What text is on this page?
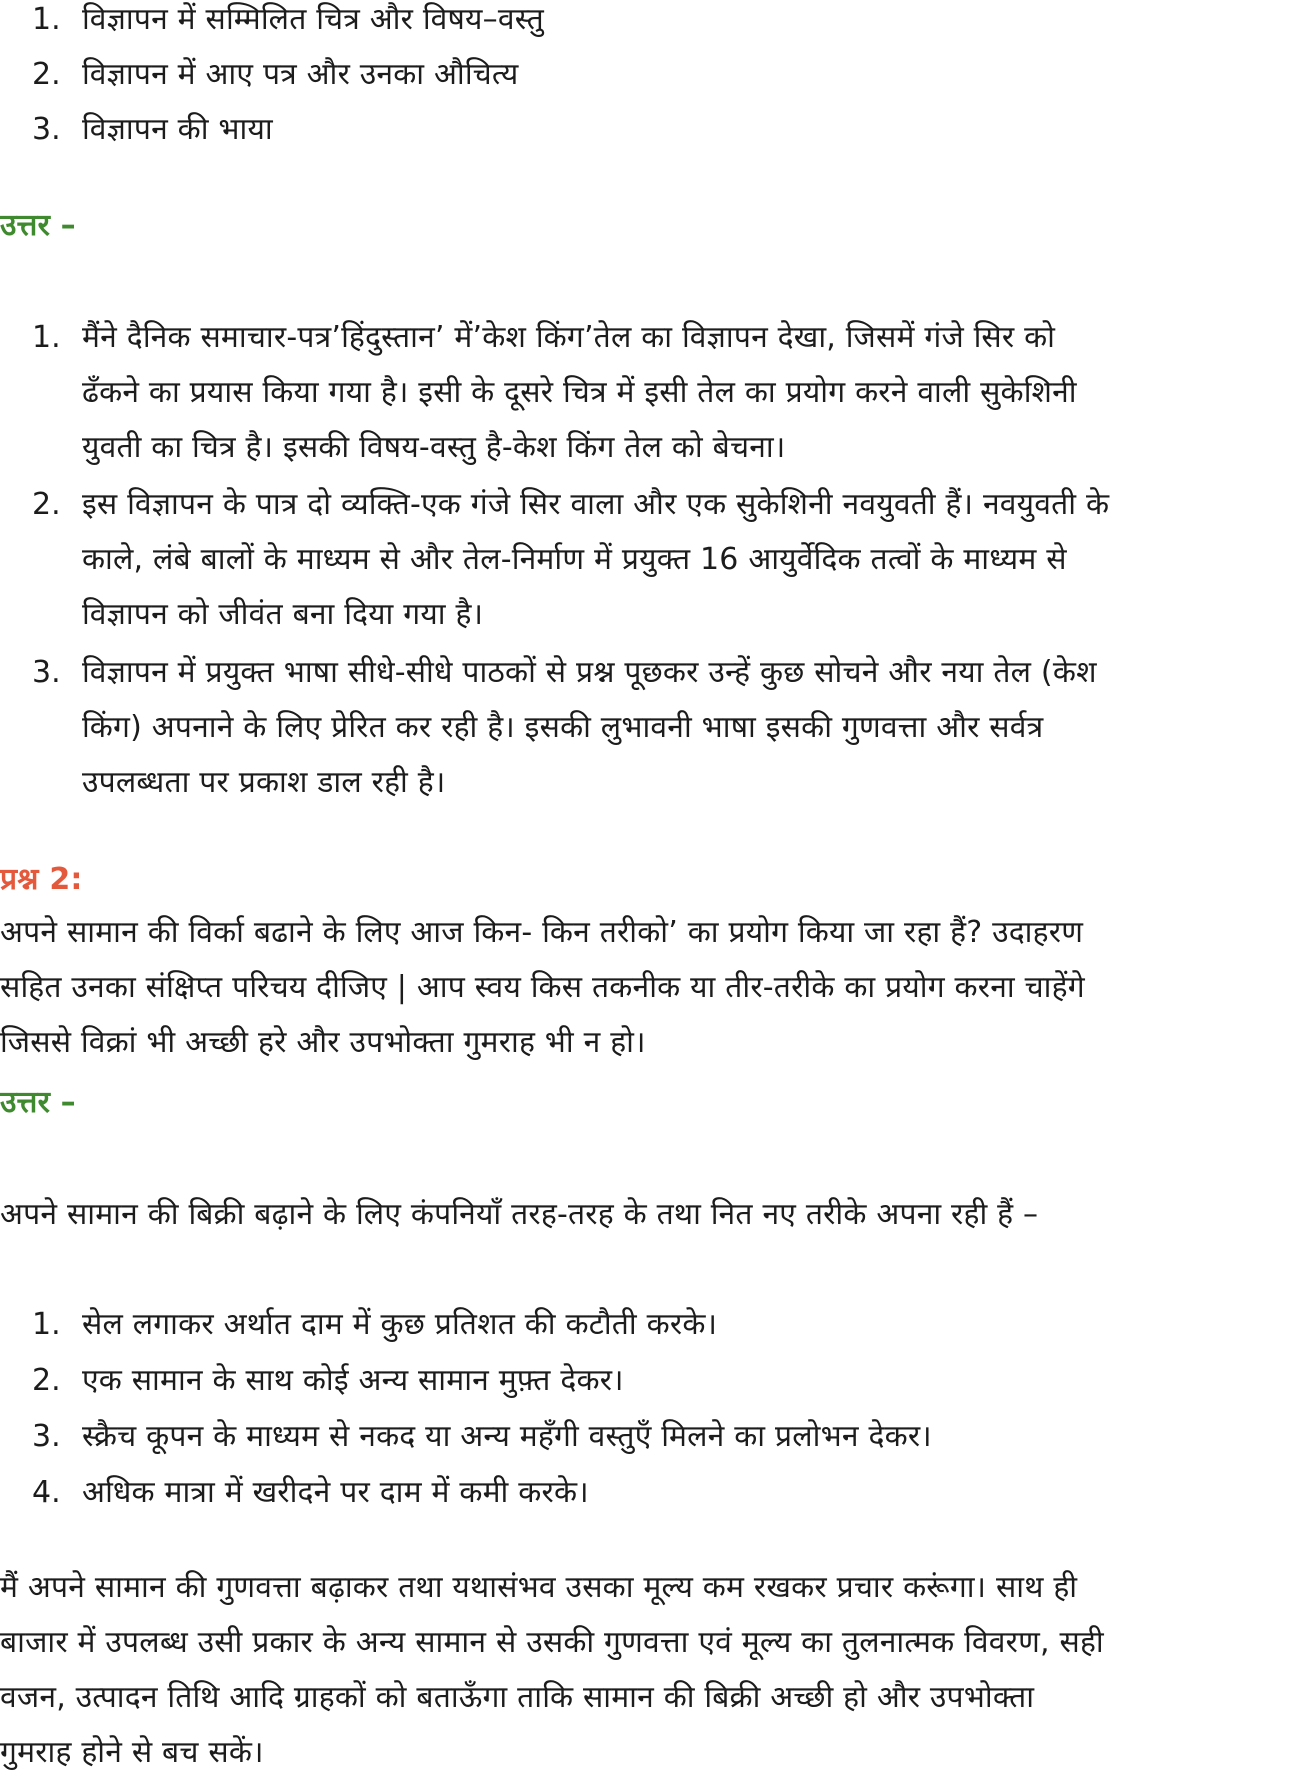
1. विज्ञापन में सम्मिलित चित्र और विषय–वस्तु
2. विज्ञापन में आए पत्र और उनका औचित्य
3. विज्ञापन की भाया
उत्तर –
1. मैंने दैनिक समाचार-पत्र’हिंदुस्तान’ में’केश किंग’तेल का विज्ञापन देखा, जिसमें गंजे सिर को
ढँकने का प्रयास किया गया है। इसी के दूसरे चित्र में इसी तेल का प्रयोग करने वाली सुकेशिनी
युवती का चित्र है। इसकी विषय-वस्तु है-केश किंग तेल को बेचना।
2. इस विज्ञापन के पात्र दो व्यक्ति-एक गंजे सिर वाला और एक सुकेशिनी नवयुवती हैं। नवयुवती के
काले, लंबे बालों के माध्यम से और तेल-निर्माण में प्रयुक्त 16 आयुर्वेदिक तत्वों के माध्यम से
विज्ञापन को जीवंत बना दिया गया है।
3. विज्ञापन में प्रयुक्त भाषा सीधे-सीधे पाठकों से प्रश्न पूछकर उन्हें कुछ सोचने और नया तेल (केश
किंग) अपनाने के लिए प्रेरित कर रही है। इसकी लुभावनी भाषा इसकी गुणवत्ता और सर्वत्र
उपलब्धता पर प्रकाश डाल रही है।
प्रश्न 2:
अपने सामान की विर्का बढाने के लिए आज किन- किन तरीको’ का प्रयोग किया जा रहा हैं? उदाहरण
सहित उनका संक्षिप्त परिचय दीजिए | आप स्वय किस तकनीक या तीर-तरीके का प्रयोग करना चाहेंगे
जिससे विक्रां भी अच्छी हरे और उपभोक्ता गुमराह भी न हो।
उत्तर –
अपने सामान की बिक्री बढ़ाने के लिए कंपनियाँ तरह-तरह के तथा नित नए तरीके अपना रही हैं –
1. सेल लगाकर अर्थात दाम में कुछ प्रतिशत की कटौती करके।
2. एक सामान के साथ कोई अन्य सामान मुफ़्त देकर।
3. स्क्रैच कूपन के माध्यम से नकद या अन्य महँगी वस्तुएँ मिलने का प्रलोभन देकर।
4. अधिक मात्रा में खरीदने पर दाम में कमी करके।
मैं अपने सामान की गुणवत्ता बढ़ाकर तथा यथासंभव उसका मूल्य कम रखकर प्रचार करूंगा। साथ ही
बाजार में उपलब्ध उसी प्रकार के अन्य सामान से उसकी गुणवत्ता एवं मूल्य का तुलनात्मक विवरण, सही
वजन, उत्पादन तिथि आदि ग्राहकों को बताऊँगा ताकि सामान की बिक्री अच्छी हो और उपभोक्ता
गुमराह होने से बच सकें।
